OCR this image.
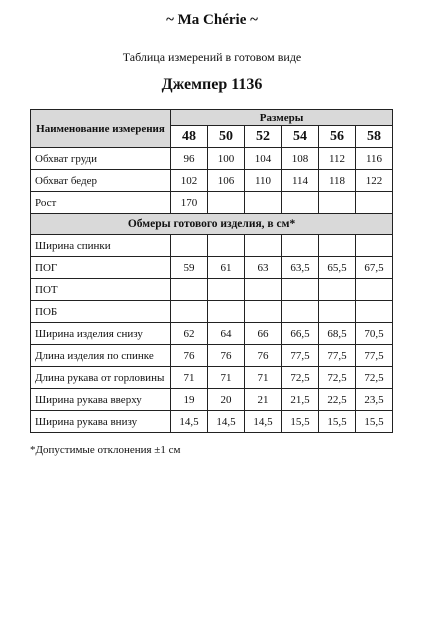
~ Ma Chérie ~
Таблица измерений в готовом виде
Джемпер 1136
Наименование измерения	Размеры					
	48	50	52	54	56	58
Обхват груди	96	100	104	108	112	116
Обхват бедер	102	106	110	114	118	122
Рост	170					
Обмеры готового изделия, в см*						
Ширина спинки						
ПОГ	59	61	63	63,5	65,5	67,5
ПОТ						
ПОБ						
Ширина изделия снизу	62	64	66	66,5	68,5	70,5
Длина изделия по спинке	76	76	76	77,5	77,5	77,5
Длина рукава от горловины	71	71	71	72,5	72,5	72,5
Ширина рукава вверху	19	20	21	21,5	22,5	23,5
Ширина рукава внизу	14,5	14,5	14,5	15,5	15,5	15,5
*Допустимые отклонения ±1 см
